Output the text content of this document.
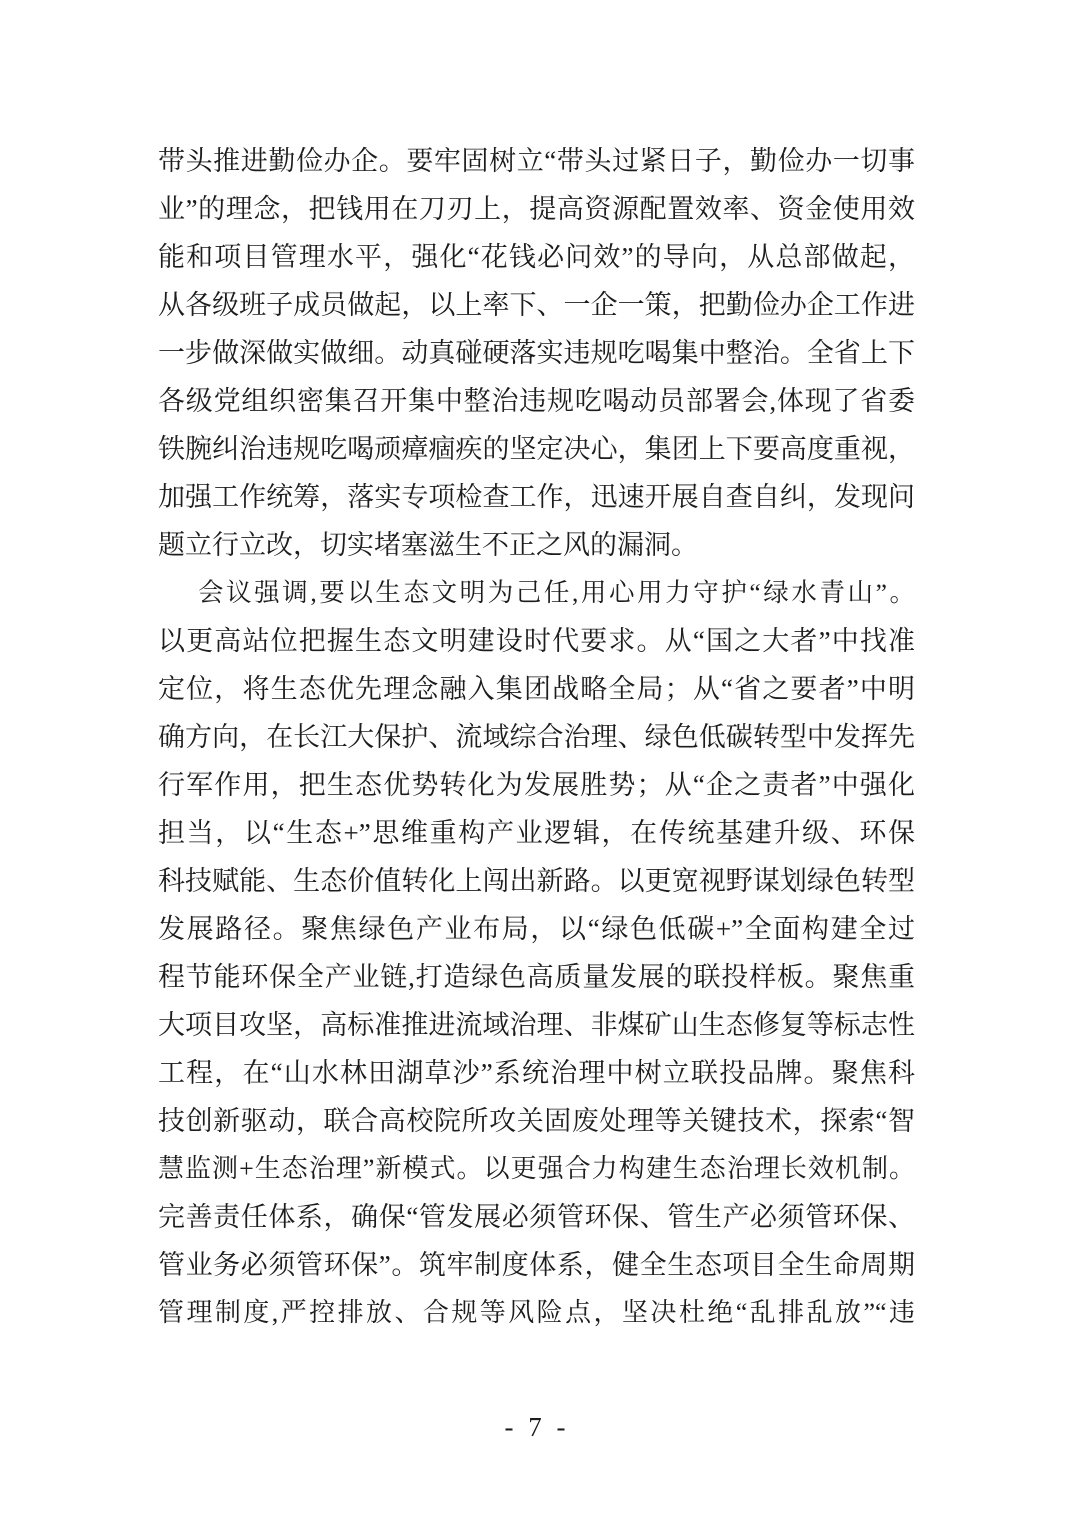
带头推进勤俭办企。要牢固树立“带头过紧日子，勤俭办一切事
业”的理念，把钱用在刀刃上，提高资源配置效率、资金使用效
能和项目管理水平，强化“花钱必问效”的导向，从总部做起，
从各级班子成员做起，以上率下、一企一策，把勤俭办企工作进
一步做深做实做细。动真碰硬落实违规吃喝集中整治。全省上下
各级党组织密集召开集中整治违规吃喝动员部署会,体现了省委
铁腕纠治违规吃喝顽瘴痼疾的坚定决心，集团上下要高度重视，
加强工作统筹，落实专项检查工作，迅速开展自查自纠，发现问
题立行立改，切实堵塞滋生不正之风的漏洞。
会议强调,要以生态文明为己任,用心用力守护“绿水青山”。
以更高站位把握生态文明建设时代要求。从“国之大者”中找准
定位，将生态优先理念融入集团战略全局；从“省之要者”中明
确方向，在长江大保护、流域综合治理、绿色低碳转型中发挥先
行军作用，把生态优势转化为发展胜势；从“企之责者”中强化
担当，以“生态+”思维重构产业逻辑，在传统基建升级、环保
科技赋能、生态价值转化上闯出新路。以更宽视野谋划绿色转型
发展路径。聚焦绿色产业布局，以“绿色低碳+”全面构建全过
程节能环保全产业链,打造绿色高质量发展的联投样板。聚焦重
大项目攻坚，高标准推进流域治理、非煤矿山生态修复等标志性
工程，在“山水林田湖草沙”系统治理中树立联投品牌。聚焦科
技创新驱动，联合高校院所攻关固废处理等关键技术，探索“智
慧监测+生态治理”新模式。以更强合力构建生态治理长效机制。
完善责任体系，确保“管发展必须管环保、管生产必须管环保、
管业务必须管环保”。筑牢制度体系，健全生态项目全生命周期
管理制度,严控排放、合规等风险点，坚决杜绝“乱排乱放”“违
- 7 -
